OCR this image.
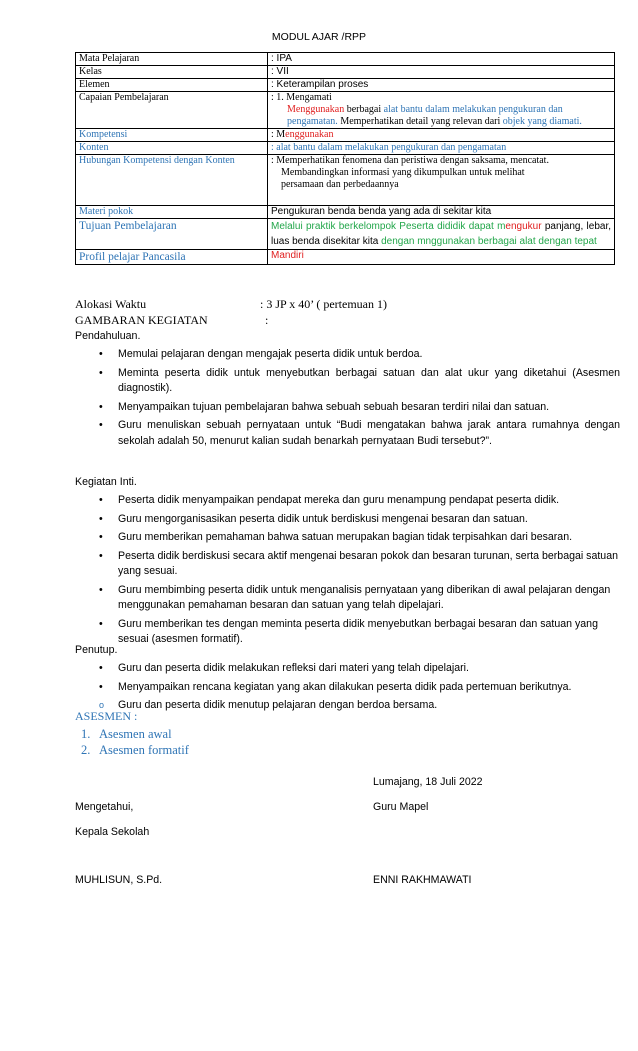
MODUL AJAR /RPP
Mata Pelajaran	: IPA
Kelas	: VII
Elemen	: Keterampilan proses
Capaian Pembelajaran	: 1. Mengamati
Menggunakan berbagai alat bantu dalam melakukan pengukuran dan pengamatan. Memperhatikan detail yang relevan dari objek yang diamati.

Kompetensi	: Menggunakan
Konten	: alat bantu dalam melakukan pengukuran dan pengamatan
Hubungan Kompetensi dengan Konten	: Memperhatikan fenomena dan peristiwa dengan saksama, mencatat.
Membandingkan informasi yang dikumpulkan untuk melihat
persamaan dan perbedaannya

Materi pokok	Pengukuran benda benda yang ada di sekitar kita
Tujuan Pembelajaran	Melalui praktik berkelompok Peserta dididik dapat mengukur panjang, lebar, luas benda disekitar kita dengan mnggunakan berbagai alat dengan tepat
Profil pelajar Pancasila	Mandiri
Alokasi Waktu	: 3 JP x 40’ ( pertemuan 1)
GAMBARAN KEGIATAN	:
Pendahuluan.
• Memulai pelajaran dengan mengajak peserta didik untuk berdoa.
• Meminta peserta didik untuk menyebutkan berbagai satuan dan alat ukur yang diketahui (Asesmen diagnostik).
• Menyampaikan tujuan pembelajaran bahwa sebuah sebuah besaran terdiri nilai dan satuan.
• Guru menuliskan sebuah pernyataan untuk “Budi mengatakan bahwa jarak antara rumahnya dengan sekolah adalah 50, menurut kalian sudah benarkah pernyataan Budi tersebut?”.
Kegiatan Inti.
• Peserta didik menyampaikan pendapat mereka dan guru menampung pendapat peserta didik.
• Guru mengorganisasikan peserta didik untuk berdiskusi mengenai besaran dan satuan.
• Guru memberikan pemahaman bahwa satuan merupakan bagian tidak terpisahkan dari besaran.
• Peserta didik berdiskusi secara aktif mengenai besaran pokok dan besaran turunan, serta berbagai satuan yang sesuai.
• Guru membimbing peserta didik untuk menganalisis pernyataan yang diberikan di awal pelajaran dengan menggunakan pemahaman besaran dan satuan yang telah dipelajari.
• Guru memberikan tes dengan meminta peserta didik menyebutkan berbagai besaran dan satuan yang sesuai (asesmen formatif).
Penutup.
• Guru dan peserta didik melakukan refleksi dari materi yang telah dipelajari.
• Menyampaikan rencana kegiatan yang akan dilakukan peserta didik pada pertemuan berikutnya.
o Guru dan peserta didik menutup pelajaran dengan berdoa bersama.
ASESMEN :
1. Asesmen awal
2. Asesmen formatif
Lumajang, 18 Juli 2022
Mengetahui,	Guru Mapel
Kepala Sekolah
MUHLISUN, S.Pd.	ENNI RAKHMAWATI
